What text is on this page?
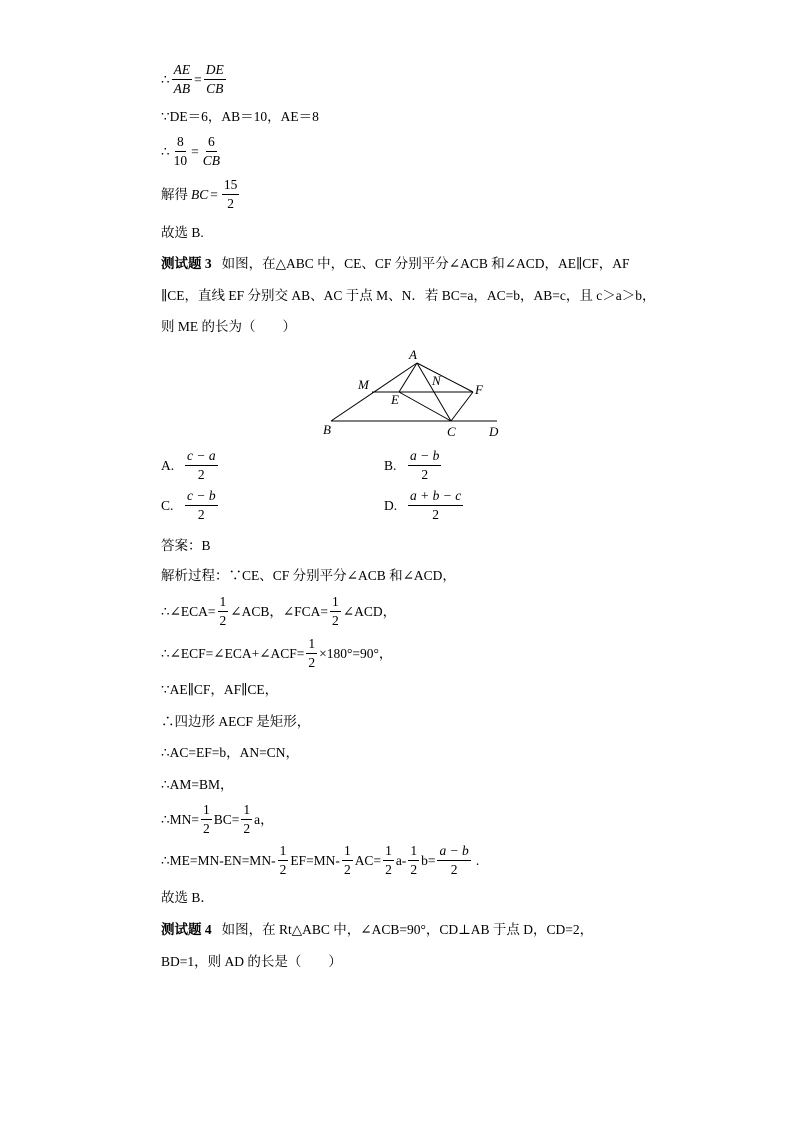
∴ $\frac{AE}{AB} = \frac{DE}{CB}$
∵DE＝6，AB＝10，AE＝8
∴ $\frac{8}{10} = \frac{6}{CB}$
解得 BC = $\frac{15}{2}$
故选 B.
测试题 3 如图，在△ABC 中，CE、CF 分别平分∠ACB 和∠ACD，AE∥CF，AF
∥CE，直线 EF 分别交 AB、AC 于点 M、N．若 BC=a，AC=b，AB=c，且 c＞a＞b，
则 ME 的长为（　　）
A
M	N
F
E
B	C	D
A. $\frac{c - a}{2}$	B. $\frac{a - b}{2}$
C. $\frac{c - b}{2}$	D. $\frac{a + b - c}{2}$
答案：B
解析过程：∵CE、CF 分别平分∠ACB 和∠ACD，
∴∠ECA= $\frac{1}{2}$ ∠ACB，∠FCA= $\frac{1}{2}$ ∠ACD，
∴∠ECF=∠ECA+∠ACF= $\frac{1}{2} \times 180^\circ=90^\circ$，
∵AE∥CF，AF∥CE，
∴四边形 AECF 是矩形，
∴AC=EF=b，AN=CN，
∴AM=BM，
∴MN= $\frac{1}{2} BC= \frac{1}{2}$ a，
∴ME=MN-EN=MN- $\frac{1}{2} EF=MN- \frac{1}{2} AC= \frac{1}{2} a- \frac{1}{2} b= \frac{a - b}{2}$ .
故选 B．
测试题 4 如图，在 Rt△ABC 中，∠ACB=90°，CD⊥AB 于点 D，CD=2，
BD=1，则 AD 的长是（　　）
